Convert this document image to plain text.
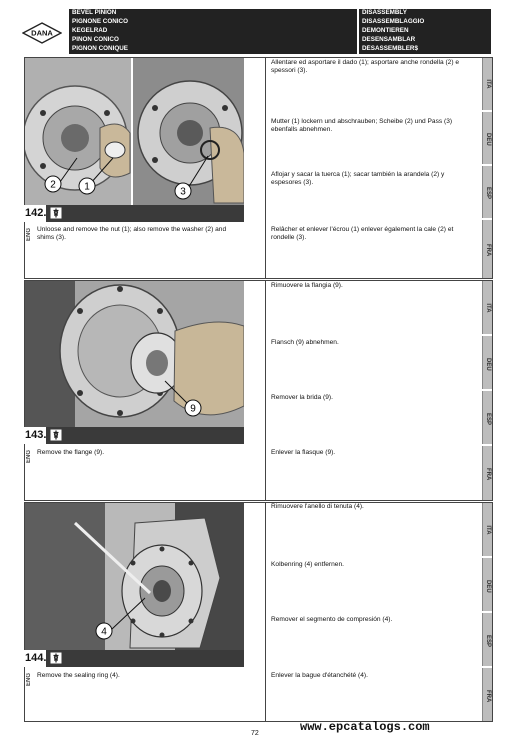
DANA
BEVEL PINION
PIGNONE CONICO
KEGELRAD
PIÑON CONICO
PIGNON CONIQUE
DISASSEMBLY
DISASSEMBLAGGIO
DEMONTIEREN
DESENSAMBLAR
DÉSASSEMBLER$
2	1	3
142.
ENG Unloose and remove the nut (1); also remove the washer (2) and shims (3).
Allentare ed asportare il dado (1); asportare anche rondella (2) e spessori (3).
Mutter (1) lockern und abschrauben; Scheibe (2) und Pass (3) ebenfalls abnehmen.
Aflojar y sacar la tuerca (1); sacar también la arandela (2) y espesores (3).
Relâcher et enlever l'écrou (1) enlever également la cale (2) et rondelle (3).
ITA
DEU
ESP
FRA
9
143.
ENG Remove the flange (9).
Rimuovere la flangia (9).
Flansch (9) abnehmen.
Remover la brida (9).
Enlever la flasque (9).
ITA
DEU
ESP
FRA
4
144.
ENG Remove the sealing ring (4).
Rimuovere l'anello di tenuta (4).
Kolbenring (4) entfernen.
Remover el segmento de compresión (4).
Enlever la bague d'étanchété (4).
ITA
DEU
ESP
FRA
72	www.epcatalogs.com
